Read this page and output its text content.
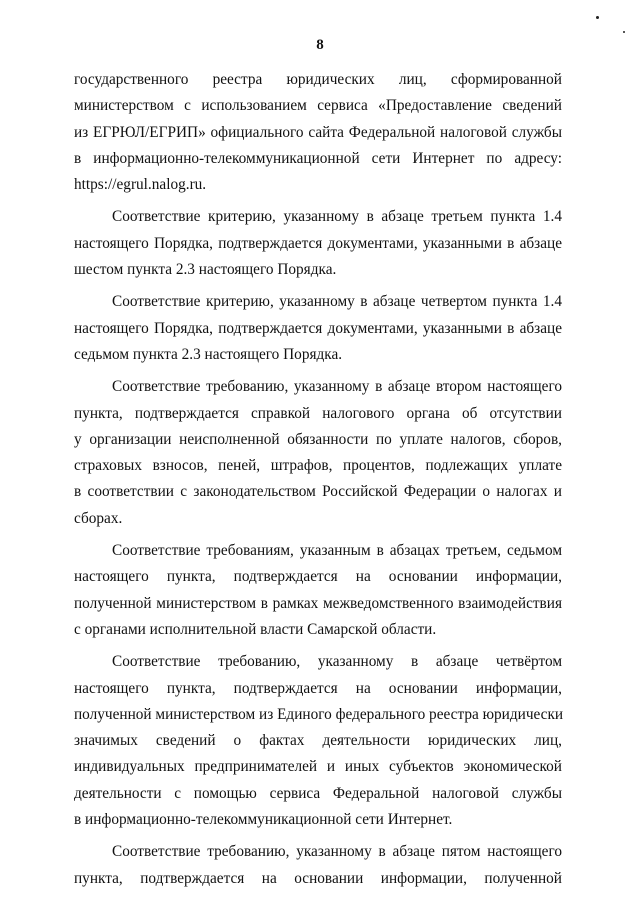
8
государственного реестра юридических лиц, сформированной
министерством с использованием сервиса «Предоставление сведений
из ЕГРЮЛ/ЕГРИП» официального сайта Федеральной налоговой службы
в информационно-телекоммуникационной сети Интернет по адресу:
https://egrul.nalog.ru.
Соответствие критерию, указанному в абзаце третьем пункта 1.4
настоящего Порядка, подтверждается документами, указанными в абзаце
шестом пункта 2.3 настоящего Порядка.
Соответствие критерию, указанному в абзаце четвертом пункта 1.4
настоящего Порядка, подтверждается документами, указанными в абзаце
седьмом пункта 2.3 настоящего Порядка.
Соответствие требованию, указанному в абзаце втором настоящего
пункта, подтверждается справкой налогового органа об отсутствии
у организации неисполненной обязанности по уплате налогов, сборов,
страховых взносов, пеней, штрафов, процентов, подлежащих уплате
в соответствии с законодательством Российской Федерации о налогах и
сборах.
Соответствие требованиям, указанным в абзацах третьем, седьмом
настоящего пункта, подтверждается на основании информации,
полученной министерством в рамках межведомственного взаимодействия
с органами исполнительной власти Самарской области.
Соответствие требованию, указанному в абзаце четвёртом
настоящего пункта, подтверждается на основании информации,
полученной министерством из Единого федерального реестра юридически
значимых сведений о фактах деятельности юридических лиц,
индивидуальных предпринимателей и иных субъектов экономической
деятельности с помощью сервиса Федеральной налоговой службы
в информационно-телекоммуникационной сети Интернет.
Соответствие требованию, указанному в абзаце пятом настоящего
пункта, подтверждается на основании информации, полученной
